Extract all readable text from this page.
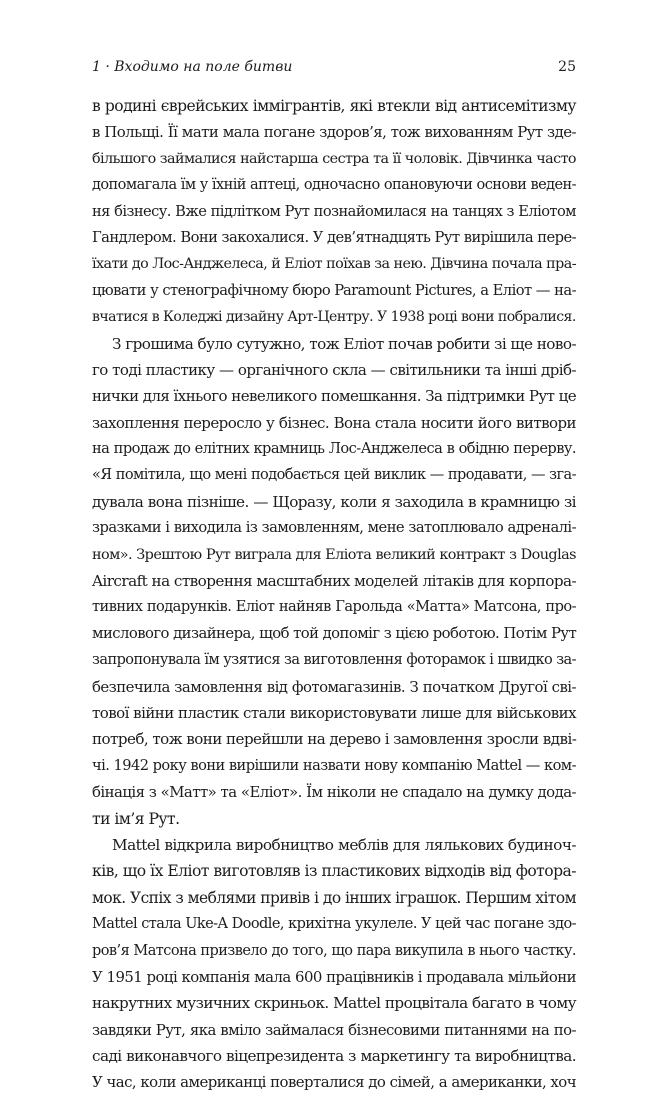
1 · Входимо на поле битви	25
в родині єврейських іммігрантів, які втекли від антисемітизму
в Польщі. Її мати мала погане здоров’я, тож вихованням Рут зде-
більшого займалися найстарша сестра та її чоловік. Дівчинка часто
допомагала їм у їхній аптеці, одночасно опановуючи основи веден-
ня бізнесу. Вже підлітком Рут познайомилася на танцях з Еліотом
Гандлером. Вони закохалися. У дев’ятнадцять Рут вирішила пере-
їхати до Лос-Анджелеса, й Еліот поїхав за нею. Дівчина почала пра-
цювати у стенографічному бюро Paramount Pictures, а Еліот — на-
вчатися в Коледжі дизайну Арт-Центру. У 1938 році вони побралися.
З грошима було сутужно, тож Еліот почав робити зі ще ново-
го тоді пластику — органічного скла — світильники та інші дріб-
нички для їхнього невеликого помешкання. За підтримки Рут це
захоплення переросло у бізнес. Вона стала носити його витвори
на продаж до елітних крамниць Лос-Анджелеса в обідню перерву.
«Я помітила, що мені подобається цей виклик — продавати, — зга-
дувала вона пізніше. — Щоразу, коли я заходила в крамницю зі
зразками і виходила із замовленням, мене затоплювало адреналі-
ном». Зрештою Рут виграла для Еліота великий контракт з Douglas
Aircraft на створення масштабних моделей літаків для корпора-
тивних подарунків. Еліот найняв Гарольда «Матта» Матсона, про-
мислового дизайнера, щоб той допоміг з цією роботою. Потім Рут
запропонувала їм узятися за виготовлення фоторамок і швидко за-
безпечила замовлення від фотомагазинів. З початком Другої сві-
тової війни пластик стали використовувати лише для військових
потреб, тож вони перейшли на дерево і замовлення зросли вдві-
чі. 1942 року вони вирішили назвати нову компанію Mattel — ком-
бінація з «Матт» та «Еліот». Їм ніколи не спадало на думку дода-
ти ім’я Рут.
Mattel відкрила виробництво меблів для лялькових будиноч-
ків, що їх Еліот виготовляв із пластикових відходів від фоторa-
мок. Успіх з меблями привів і до інших іграшок. Першим хітом
Mattel стала Uke-A Doodle, крихітна укулеле. У цей час погане здо-
ров’я Матсона призвело до того, що пара викупила в нього частку.
У 1951 році компанія мала 600 працівників і продавала мільйони
накрутних музичних скриньок. Mattel процвітала багато в чому
завдяки Рут, яка вміло займалася бізнесовими питаннями на по-
саді виконавчого віцепрезидента з маркетингу та виробництва.
У час, коли американці поверталися до сімей, а американки, хоч
